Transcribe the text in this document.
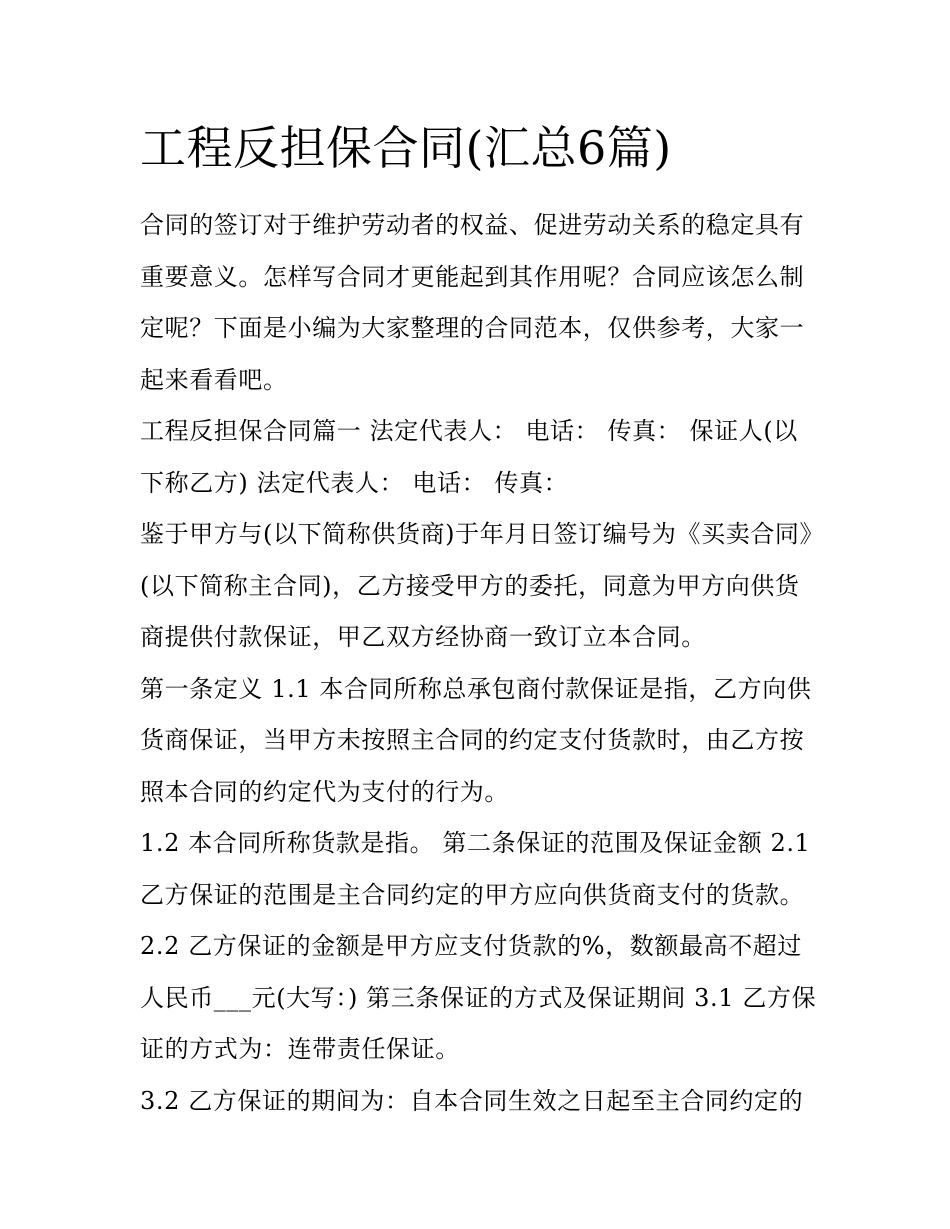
工程反担保合同(汇总6篇)

合同的签订对于维护劳动者的权益、促进劳动关系的稳定具有重要意义。怎样写合同才更能起到其作用呢？合同应该怎么制定呢？下面是小编为大家整理的合同范本，仅供参考，大家一起来看看吧。

工程反担保合同篇一 法定代表人： 电话： 传真： 保证人(以下称乙方) 法定代表人： 电话： 传真：

鉴于甲方与(以下简称供货商)于年月日签订编号为《买卖合同》(以下简称主合同)，乙方接受甲方的委托，同意为甲方向供货商提供付款保证，甲乙双方经协商一致订立本合同。

第一条定义 1.1 本合同所称总承包商付款保证是指，乙方向供货商保证，当甲方未按照主合同的约定支付货款时，由乙方按照本合同的约定代为支付的行为。

1.2 本合同所称货款是指。 第二条保证的范围及保证金额 2.1 乙方保证的范围是主合同约定的甲方应向供货商支付的货款。

2.2 乙方保证的金额是甲方应支付货款的%，数额最高不超过人民币___元(大写：) 第三条保证的方式及保证期间 3.1 乙方保证的方式为：连带责任保证。

3.2 乙方保证的期间为：自本合同生效之日起至主合同约定的
